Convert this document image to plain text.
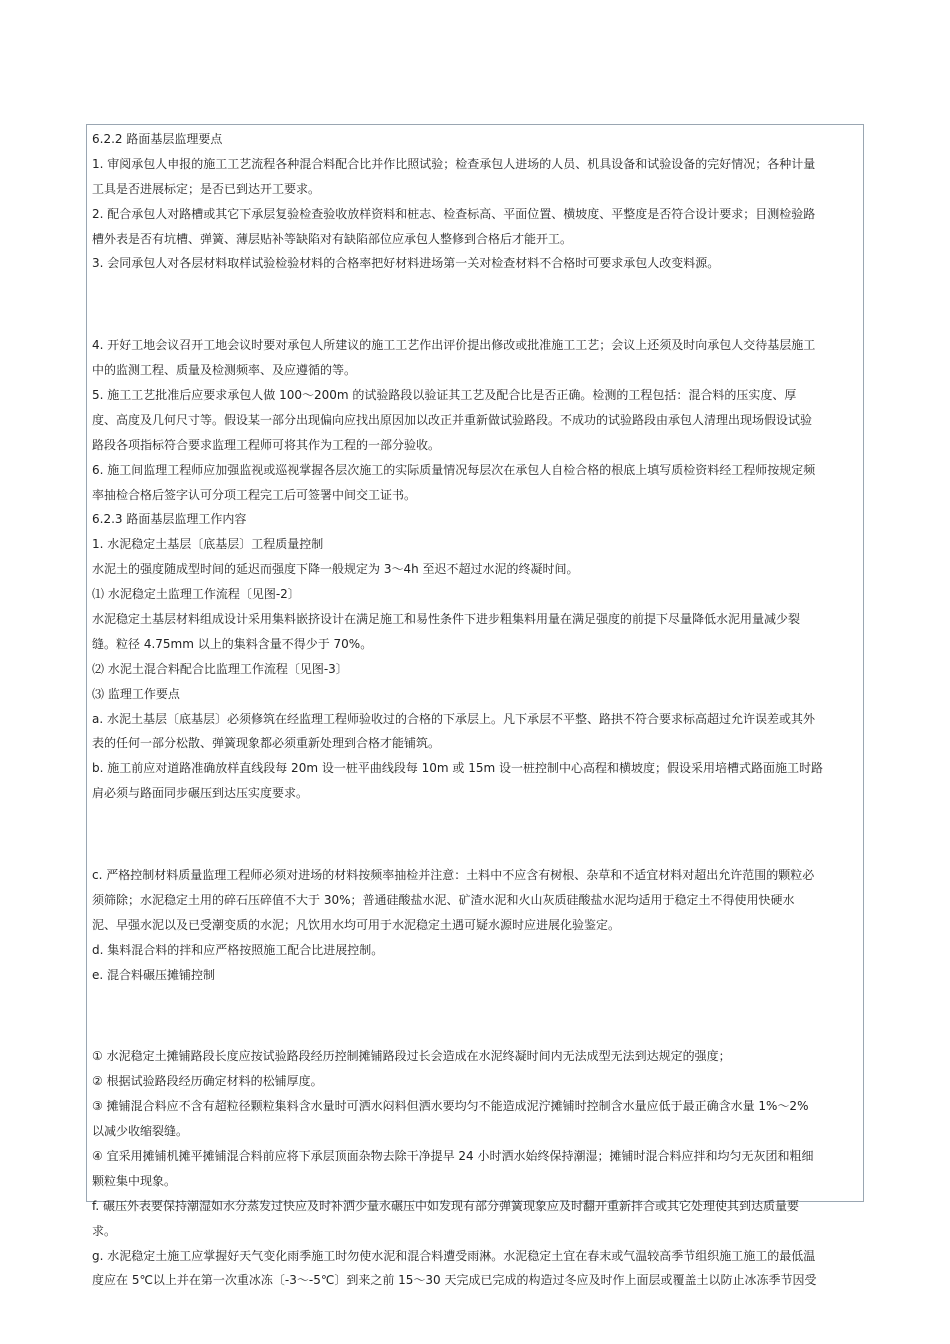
6.2.2 路面基层监理要点

1. 审阅承包人申报的施工工艺流程各种混合料配合比并作比照试验；检查承包人进场的人员、机具设备和试验设备的完好情况；各种计量

工具是否进展标定；是否已到达开工要求。

2. 配合承包人对路槽或其它下承层复验检查验收放样资料和桩志、检查标高、平面位置、横坡度、平整度是否符合设计要求；目测检验路

槽外表是否有坑槽、弹簧、薄层贴补等缺陷对有缺陷部位应承包人整修到合格后才能开工。

3. 会同承包人对各层材料取样试验检验材料的合格率把好材料进场第一关对检查材料不合格时可要求承包人改变料源。

4. 开好工地会议召开工地会议时要对承包人所建议的施工工艺作出评价提出修改或批准施工工艺；会议上还须及时向承包人交待基层施工

中的监测工程、质量及检测频率、及应遵循的等。

5. 施工工艺批准后应要求承包人做 100～200m 的试验路段以验证其工艺及配合比是否正确。检测的工程包括：混合料的压实度、厚

度、高度及几何尺寸等。假设某一部分出现偏向应找出原因加以改正并重新做试验路段。不成功的试验路段由承包人清理出现场假设试验

路段各项指标符合要求监理工程师可将其作为工程的一部分验收。

6. 施工间监理工程师应加强监视或巡视掌握各层次施工的实际质量情况每层次在承包人自检合格的根底上填写质检资料经工程师按规定频

率抽检合格后签字认可分项工程完工后可签署中间交工证书。

6.2.3 路面基层监理工作内容

1. 水泥稳定土基层〔底基层〕工程质量控制

水泥土的强度随成型时间的延迟而强度下降一般规定为 3～4h 至迟不超过水泥的终凝时间。

⑴ 水泥稳定土监理工作流程〔见图-2〕

水泥稳定土基层材料组成设计采用集料嵌挤设计在满足施工和易性条件下进步粗集料用量在满足强度的前提下尽量降低水泥用量减少裂

缝。粒径 4.75mm 以上的集料含量不得少于 70%。

⑵ 水泥土混合料配合比监理工作流程〔见图-3〕

⑶ 监理工作要点

a. 水泥土基层〔底基层〕必须修筑在经监理工程师验收过的合格的下承层上。凡下承层不平整、路拱不符合要求标高超过允许误差或其外

表的任何一部分松散、弹簧现象都必须重新处理到合格才能铺筑。

b. 施工前应对道路准确放样直线段每 20m 设一桩平曲线段每 10m 或 15m 设一桩控制中心高程和横坡度；假设采用培槽式路面施工时路

肩必须与路面同步碾压到达压实度要求。

c. 严格控制材料质量监理工程师必须对进场的材料按频率抽检并注意：土料中不应含有树根、杂草和不适宜材料对超出允许范围的颗粒必

须筛除；水泥稳定土用的碎石压碎值不大于 30%；普通硅酸盐水泥、矿渣水泥和火山灰质硅酸盐水泥均适用于稳定土不得使用快硬水

泥、早强水泥以及已受潮变质的水泥；凡饮用水均可用于水泥稳定土遇可疑水源时应进展化验鉴定。

d. 集料混合料的拌和应严格按照施工配合比进展控制。

e. 混合料碾压摊铺控制

① 水泥稳定土摊铺路段长度应按试验路段经历控制摊铺路段过长会造成在水泥终凝时间内无法成型无法到达规定的强度；

② 根据试验路段经历确定材料的松铺厚度。

③ 摊铺混合料应不含有超粒径颗粒集料含水量时可洒水闷料但洒水要均匀不能造成泥泞摊铺时控制含水量应低于最正确含水量 1%～2%

以减少收缩裂缝。

④ 宜采用摊铺机摊平摊铺混合料前应将下承层顶面杂物去除干净提早 24 小时洒水始终保持潮湿；摊铺时混合料应拌和均匀无灰团和粗细

颗粒集中现象。

f. 碾压外表要保持潮湿如水分蒸发过快应及时补洒少量水碾压中如发现有部分弹簧现象应及时翻开重新拌合或其它处理使其到达质量要

求。

g. 水泥稳定土施工应掌握好天气变化雨季施工时勿使水泥和混合料遭受雨淋。水泥稳定土宜在春末或气温较高季节组织施工施工的最低温

度应在 5℃以上并在第一次重冰冻〔-3～-5℃〕到来之前 15～30 天完成已完成的构造过冬应及时作上面层或覆盖土以防止冰冻季节因受
